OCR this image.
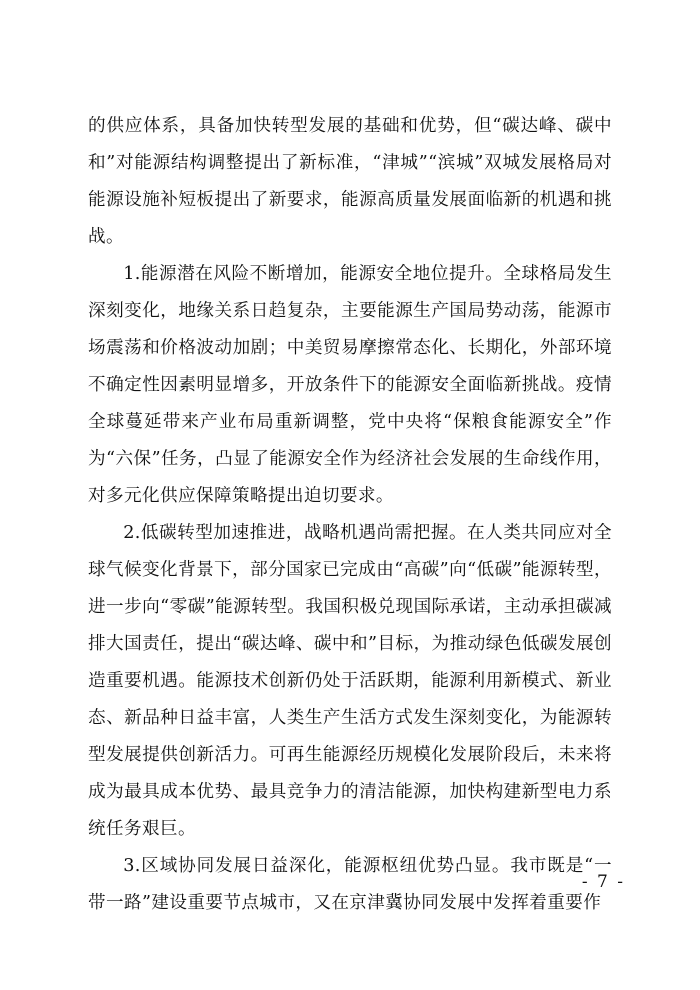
的供应体系，具备加快转型发展的基础和优势，但“碳达峰、碳中和”对能源结构调整提出了新标准，“津城”“滨城”双城发展格局对能源设施补短板提出了新要求，能源高质量发展面临新的机遇和挑战。

1.能源潜在风险不断增加，能源安全地位提升。全球格局发生深刻变化，地缘关系日趋复杂，主要能源生产国局势动荡，能源市场震荡和价格波动加剧；中美贸易摩擦常态化、长期化，外部环境不确定性因素明显增多，开放条件下的能源安全面临新挑战。疫情全球蔓延带来产业布局重新调整，党中央将“保粮食能源安全”作为“六保”任务，凸显了能源安全作为经济社会发展的生命线作用，对多元化供应保障策略提出迫切要求。

2.低碳转型加速推进，战略机遇尚需把握。在人类共同应对全球气候变化背景下，部分国家已完成由“高碳”向“低碳”能源转型，进一步向“零碳”能源转型。我国积极兑现国际承诺，主动承担碳减排大国责任，提出“碳达峰、碳中和”目标，为推动绿色低碳发展创造重要机遇。能源技术创新仍处于活跃期，能源利用新模式、新业态、新品种日益丰富，人类生产生活方式发生深刻变化，为能源转型发展提供创新活力。可再生能源经历规模化发展阶段后，未来将成为最具成本优势、最具竞争力的清洁能源，加快构建新型电力系统任务艰巨。

3.区域协同发展日益深化，能源枢纽优势凸显。我市既是“一带一路”建设重要节点城市，又在京津冀协同发展中发挥着重要作

- 7 -
